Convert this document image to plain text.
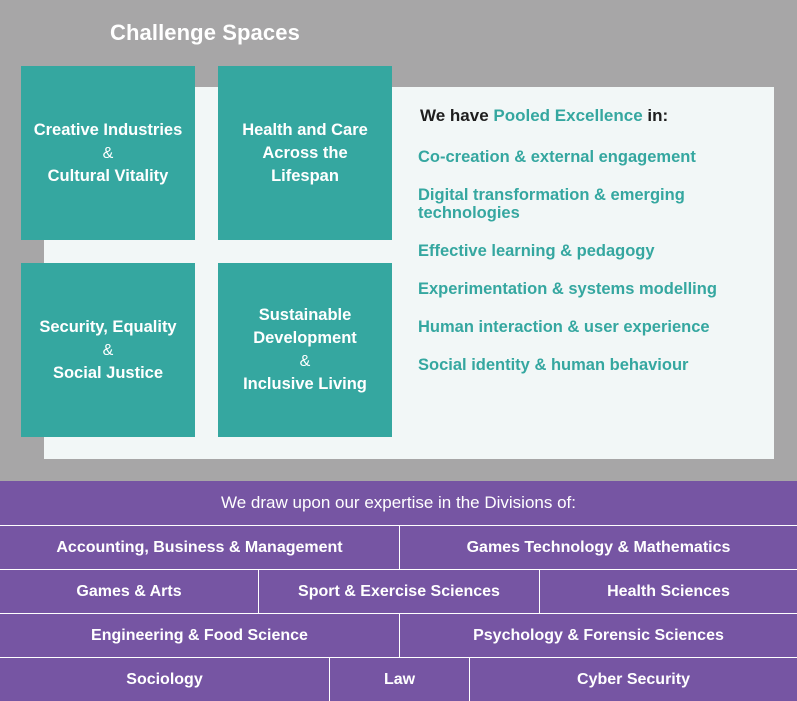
Challenge Spaces
Creative Industries
&
Cultural Vitality
Health and Care
Across the
Lifespan
Security, Equality
&
Social Justice
Sustainable
Development
&
Inclusive Living
We have Pooled Excellence in:
Co-creation & external engagement
Digital transformation & emerging technologies
Effective learning & pedagogy
Experimentation & systems modelling
Human interaction & user experience
Social identity & human behaviour
We draw upon our expertise in the Divisions of:
Accounting, Business & Management	Games Technology & Mathematics
Games & Arts	Sport & Exercise Sciences	Health Sciences
Engineering & Food Science	Psychology & Forensic Sciences
Sociology	Law	Cyber Security
